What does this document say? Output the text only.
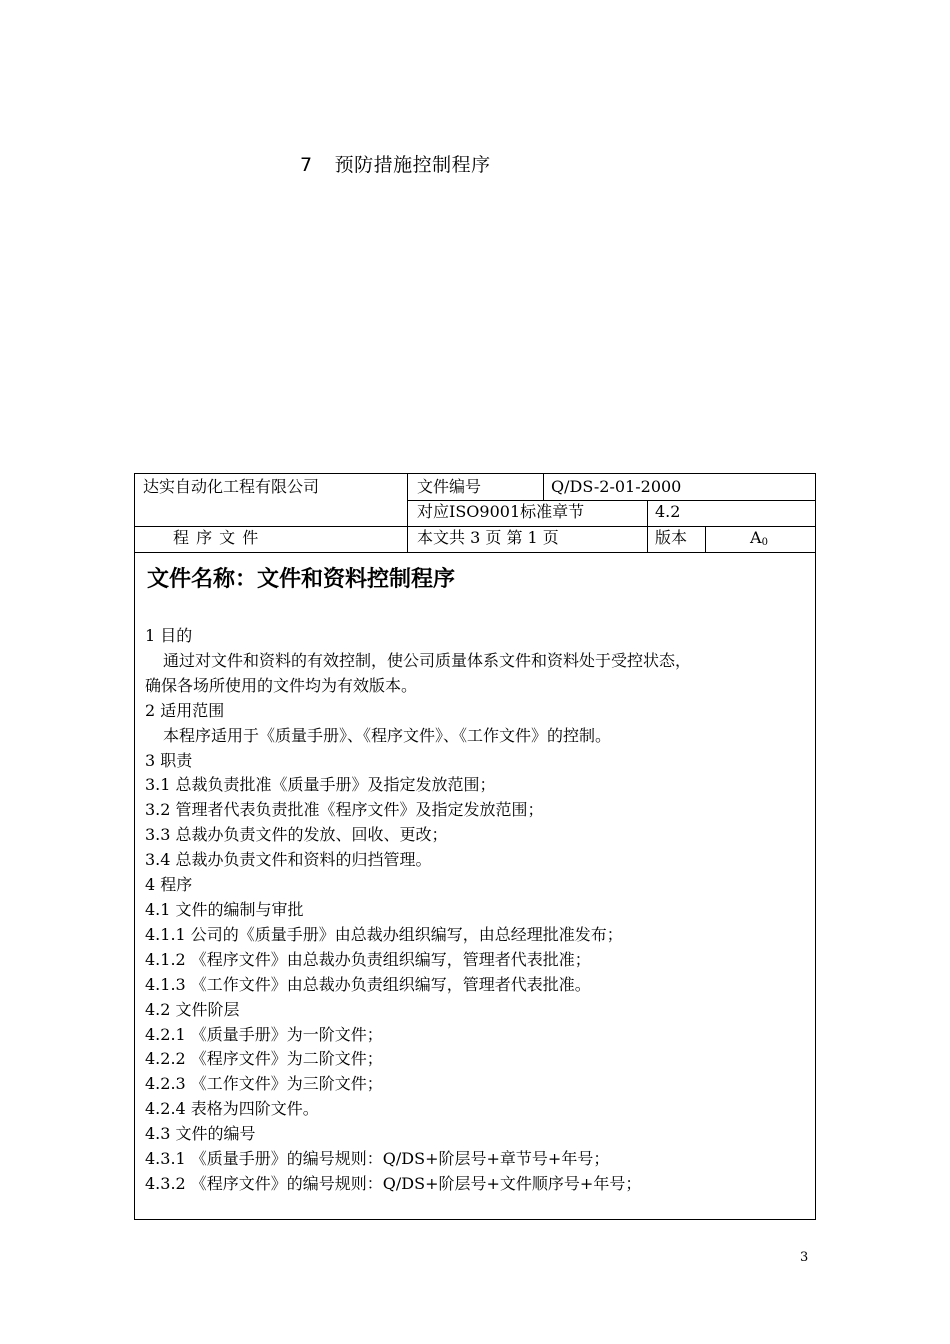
7 预防措施控制程序
达实自动化工程有限公司	文件编号	Q/DS-2-01-2000
对应ISO9001标准章节	4.2
程 序 文 件	本文共 3 页 第 1 页	版本	$A_0$
文件名称：文件和资料控制程序
1 目的
通过对文件和资料的有效控制，使公司质量体系文件和资料处于受控状态，
确保各场所使用的文件均为有效版本。
2 适用范围
本程序适用于《质量手册》、《程序文件》、《工作文件》的控制。
3 职责
3.1 总裁负责批准《质量手册》及指定发放范围；
3.2 管理者代表负责批准《程序文件》及指定发放范围；
3.3 总裁办负责文件的发放、回收、更改；
3.4 总裁办负责文件和资料的归挡管理。
4 程序
4.1 文件的编制与审批
4.1.1 公司的《质量手册》由总裁办组织编写，由总经理批准发布；
4.1.2 《程序文件》由总裁办负责组织编写，管理者代表批准；
4.1.3 《工作文件》由总裁办负责组织编写，管理者代表批准。
4.2 文件阶层
4.2.1 《质量手册》为一阶文件；
4.2.2 《程序文件》为二阶文件；
4.2.3 《工作文件》为三阶文件；
4.2.4 表格为四阶文件。
4.3 文件的编号
4.3.1 《质量手册》的编号规则：Q/DS+阶层号+章节号+年号；
4.3.2 《程序文件》的编号规则：Q/DS+阶层号+文件顺序号+年号；
3
